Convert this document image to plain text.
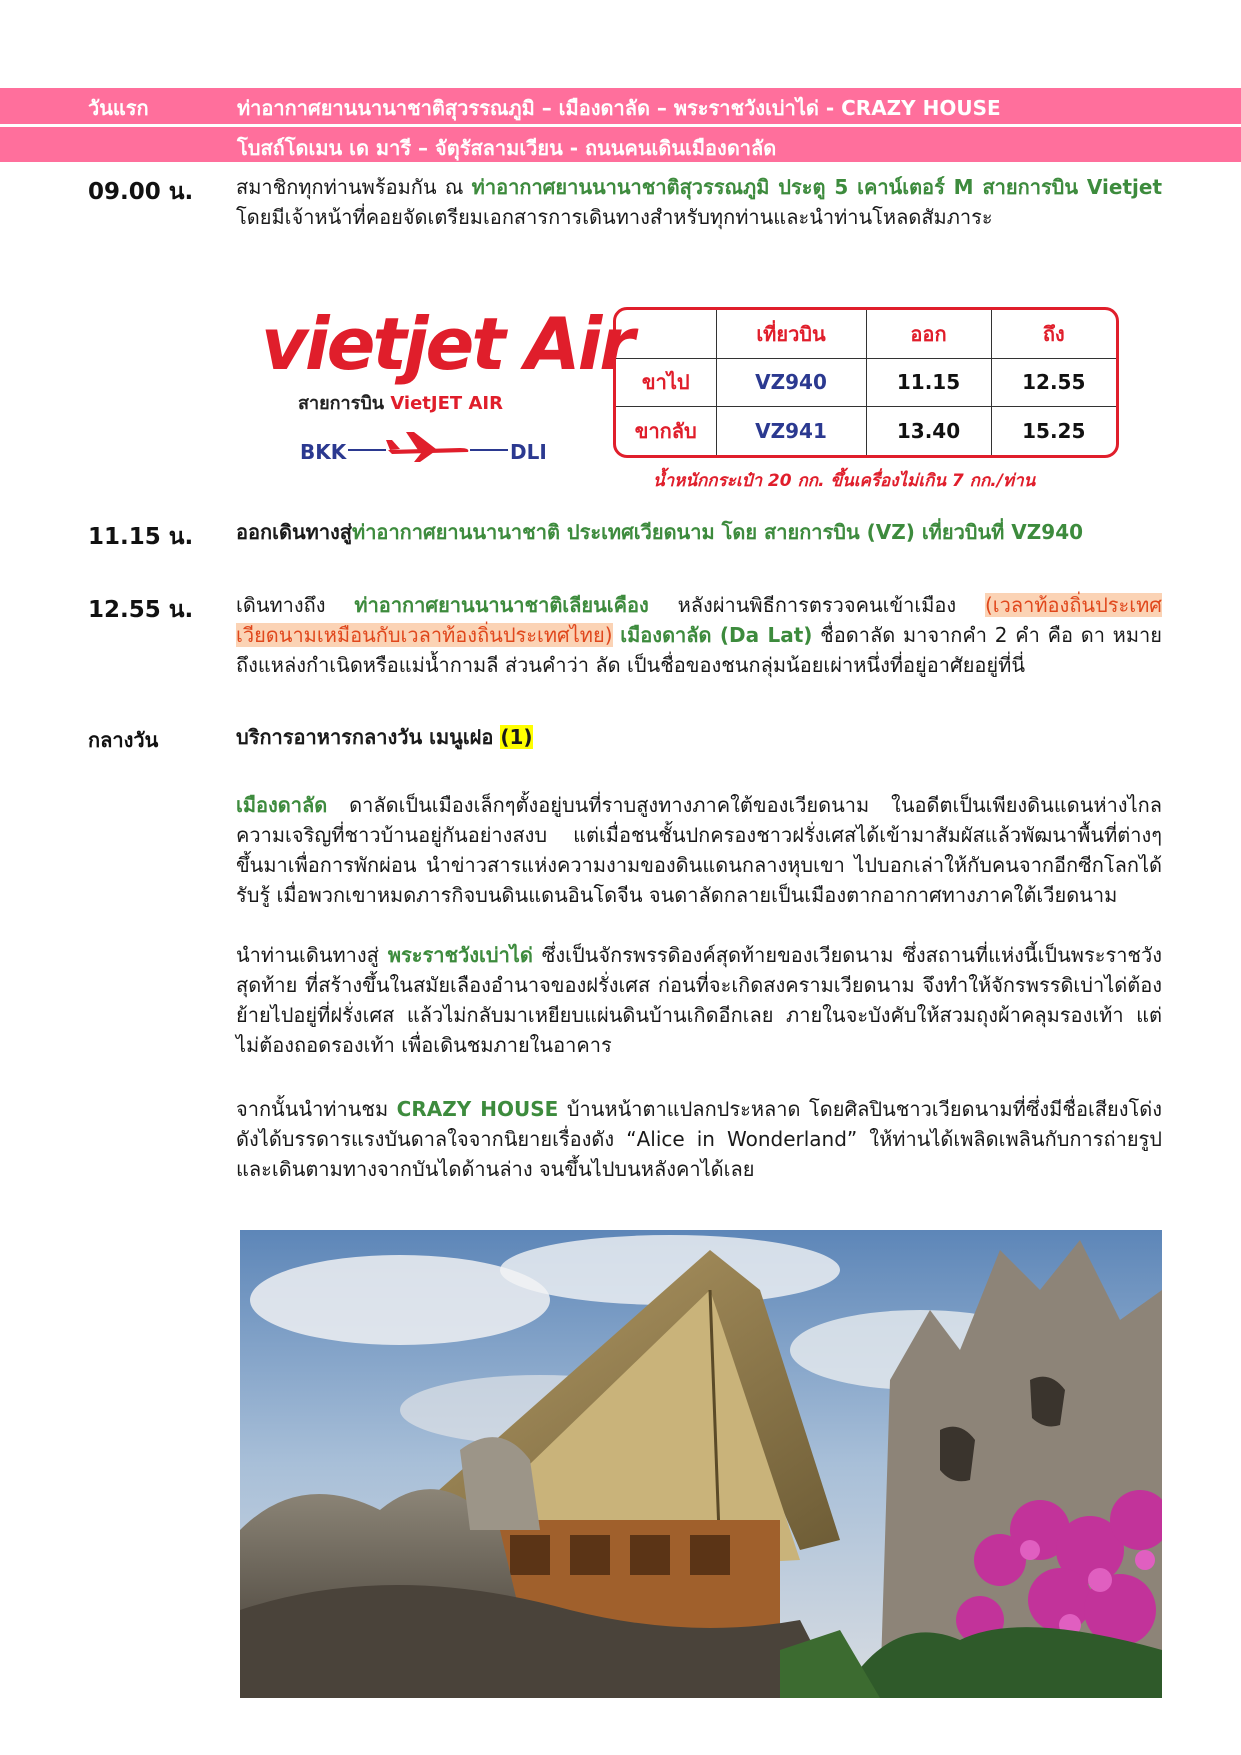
วันแรก	ท่าอากาศยานนานาชาติสุวรรณภูมิ – เมืองดาลัด – พระราชวังเบ่าได่ - CRAZY HOUSE
โบสถ์โดเมน เด มารี – จัตุรัสลามเวียน - ถนนคนเดินเมืองดาลัด
09.00 น. สมาชิกทุกท่านพร้อมกัน ณ ท่าอากาศยานนานาชาติสุวรรณภูมิ ประตู 5 เคาน์เตอร์ M สายการบิน Vietjet โดยมีเจ้าหน้าที่คอยจัดเตรียมเอกสารการเดินทางสำหรับทุกท่านและนำท่านโหลดสัมภาระ
vietjet Air
สายการบิน VietJET AIR
BKK	DLI
	เที่ยวบิน	ออก	ถึง
ขาไป	VZ940	11.15	12.55
ขากลับ	VZ941	13.40	15.25
น้ำหนักกระเป๋า 20 กก. ขึ้นเครื่องไม่เกิน 7 กก./ท่าน
11.15 น. ออกเดินทางสู่ท่าอากาศยานนานาชาติ ประเทศเวียดนาม โดย สายการบิน (VZ) เที่ยวบินที่ VZ940
12.55 น. เดินทางถึง ท่าอากาศยานนานาชาติเลียนเคือง หลังผ่านพิธีการตรวจคนเข้าเมือง (เวลาท้องถิ่นประเทศเวียดนามเหมือนกับเวลาท้องถิ่นประเทศไทย) เมืองดาลัด (Da Lat) ชื่อดาลัด มาจากคำ 2 คำ คือ ดา หมายถึงแหล่งกำเนิดหรือแม่น้ำกามลี ส่วนคำว่า ลัด เป็นชื่อของชนกลุ่มน้อยเผ่าหนึ่งที่อยู่อาศัยอยู่ที่นี่
กลางวัน	บริการอาหารกลางวัน เมนูเฝอ (1)
เมืองดาลัด ดาลัดเป็นเมืองเล็กๆตั้งอยู่บนที่ราบสูงทางภาคใต้ของเวียดนาม ในอดีตเป็นเพียงดินแดนห่างไกลความเจริญที่ชาวบ้านอยู่กันอย่างสงบ แต่เมื่อชนชั้นปกครองชาวฝรั่งเศสได้เข้ามาสัมผัสแล้วพัฒนาพื้นที่ต่างๆ ขึ้นมาเพื่อการพักผ่อน นำข่าวสารแห่งความงามของดินแดนกลางหุบเขา ไปบอกเล่าให้กับคนจากอีกซีกโลกได้รับรู้ เมื่อพวกเขาหมดภารกิจบนดินแดนอินโดจีน จนดาลัดกลายเป็นเมืองตากอากาศทางภาคใต้เวียดนาม
นำท่านเดินทางสู่ พระราชวังเบ่าได่ ซึ่งเป็นจักรพรรดิองค์สุดท้ายของเวียดนาม ซึ่งสถานที่แห่งนี้เป็นพระราชวังสุดท้าย ที่สร้างขึ้นในสมัยเลืองอำนาจของฝรั่งเศส ก่อนที่จะเกิดสงครามเวียดนาม จึงทำให้จักรพรรดิเบ่าได่ต้องย้ายไปอยู่ที่ฝรั่งเศส แล้วไม่กลับมาเหยียบแผ่นดินบ้านเกิดอีกเลย ภายในจะบังคับให้สวมถุงผ้าคลุมรองเท้า แต่ไม่ต้องถอดรองเท้า เพื่อเดินชมภายในอาคาร
จากนั้นนำท่านชม CRAZY HOUSE บ้านหน้าตาแปลกประหลาด โดยศิลปินชาวเวียดนามที่ซึ่งมีชื่อเสียงโด่งดังได้บรรดารแรงบันดาลใจจากนิยายเรื่องดัง “Alice in Wonderland” ให้ท่านได้เพลิดเพลินกับการถ่ายรูป และเดินตามทางจากบันไดด้านล่าง จนขึ้นไปบนหลังคาได้เลย
